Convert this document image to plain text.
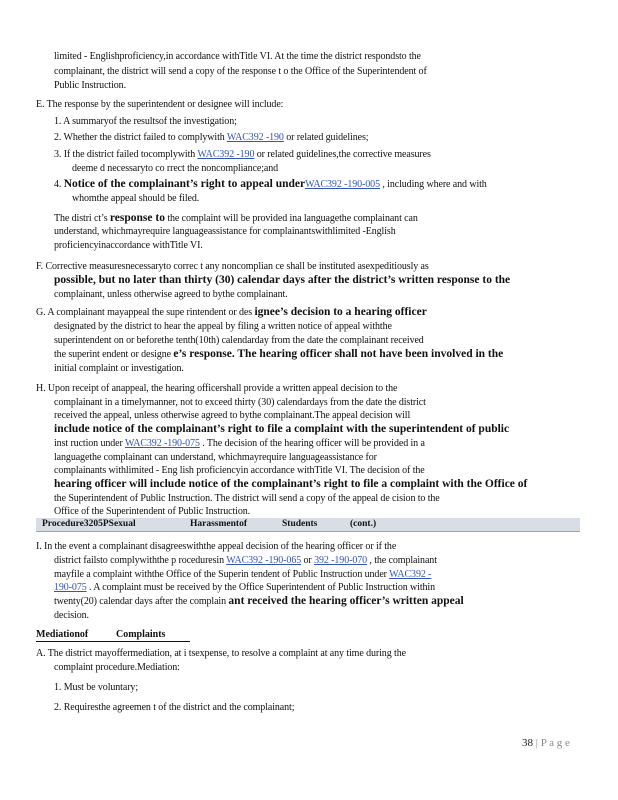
limited - Englishproficiency,in accordance withTitle VI. At the time the district respondsto the
complainant, the district will send a copy of the response t o the Office of the Superintendent of
Public Instruction.
E. The response by the superintendent or designee will include:
1. A summaryof the resultsof the investigation;
2. Whether the district failed to complywith WAC392 -190 or related guidelines;
3. If the district failed tocomplywith WAC392 -190 or related guidelines,the corrective measures
deeme d necessaryto co rrect the noncompliance;and
4. Notice of the complainant’s right to appeal underWAC392 -190-005 , including where and with
whomthe appeal should be filed.
The distri ct’s response to the complaint will be provided ina languagethe complainant can
understand, whichmayrequire languageassistance for complainantswithlimited -English
proficiencyinaccordance withTitle VI.
F. Corrective measuresnecessaryto correc t any noncomplian ce shall be instituted asexpeditiously as
possible, but no later than thirty (30) calendar days after the district’s written response to the
complainant, unless otherwise agreed to bythe complainant.
G. A complainant mayappeal the supe rintendent or des ignee’s decision to a hearing officer
designated by the district to hear the appeal by filing a written notice of appeal withthe
superintendent on or beforethe tenth(10th) calendarday from the date the complainant received
the superint endent or designe e’s response. The hearing officer shall not have been involved in the
initial complaint or investigation.
H. Upon receipt of anappeal, the hearing officershall provide a written appeal decision to the
complainant in a timelymanner, not to exceed thirty (30) calendardays from the date the district
received the appeal, unless otherwise agreed to bythe complainant.The appeal decision will
include notice of the complainant’s right to file a complaint with the superintendent of public
inst ruction under WAC392 -190-075 . The decision of the hearing officer will be provided in a
languagethe complainant can understand, whichmayrequire languageassistance for
complainants withlimited - Eng lish proficiencyin accordance withTitle VI. The decision of the
hearing officer will include notice of the complainant’s right to file a complaint with the Office of
the Superintendent of Public Instruction. The district will send a copy of the appeal de cision to the
Office of the Superintendent of Public Instruction.
Procedure3205PSexual	Harassmentof	Students	(cont.)
I. In the event a complainant disagreeswiththe appeal decision of the hearing officer or if the
district failsto complywiththe p roceduresin WAC392 -190-065 or 392 -190-070 , the complainant
mayfile a complaint withthe Office of the Superin tendent of Public Instruction under WAC392 -
190-075 . A complaint must be received by the Office Superintendent of Public Instruction within
twenty(20) calendar days after the complain ant received the hearing officer’s written appeal
decision.
Mediationof	Complaints
A. The district mayoffermediation, at i tsexpense, to resolve a complaint at any time during the
complaint procedure.Mediation:
1. Must be voluntary;
2. Requiresthe agreemen t of the district and the complainant;
38 | P a g e
